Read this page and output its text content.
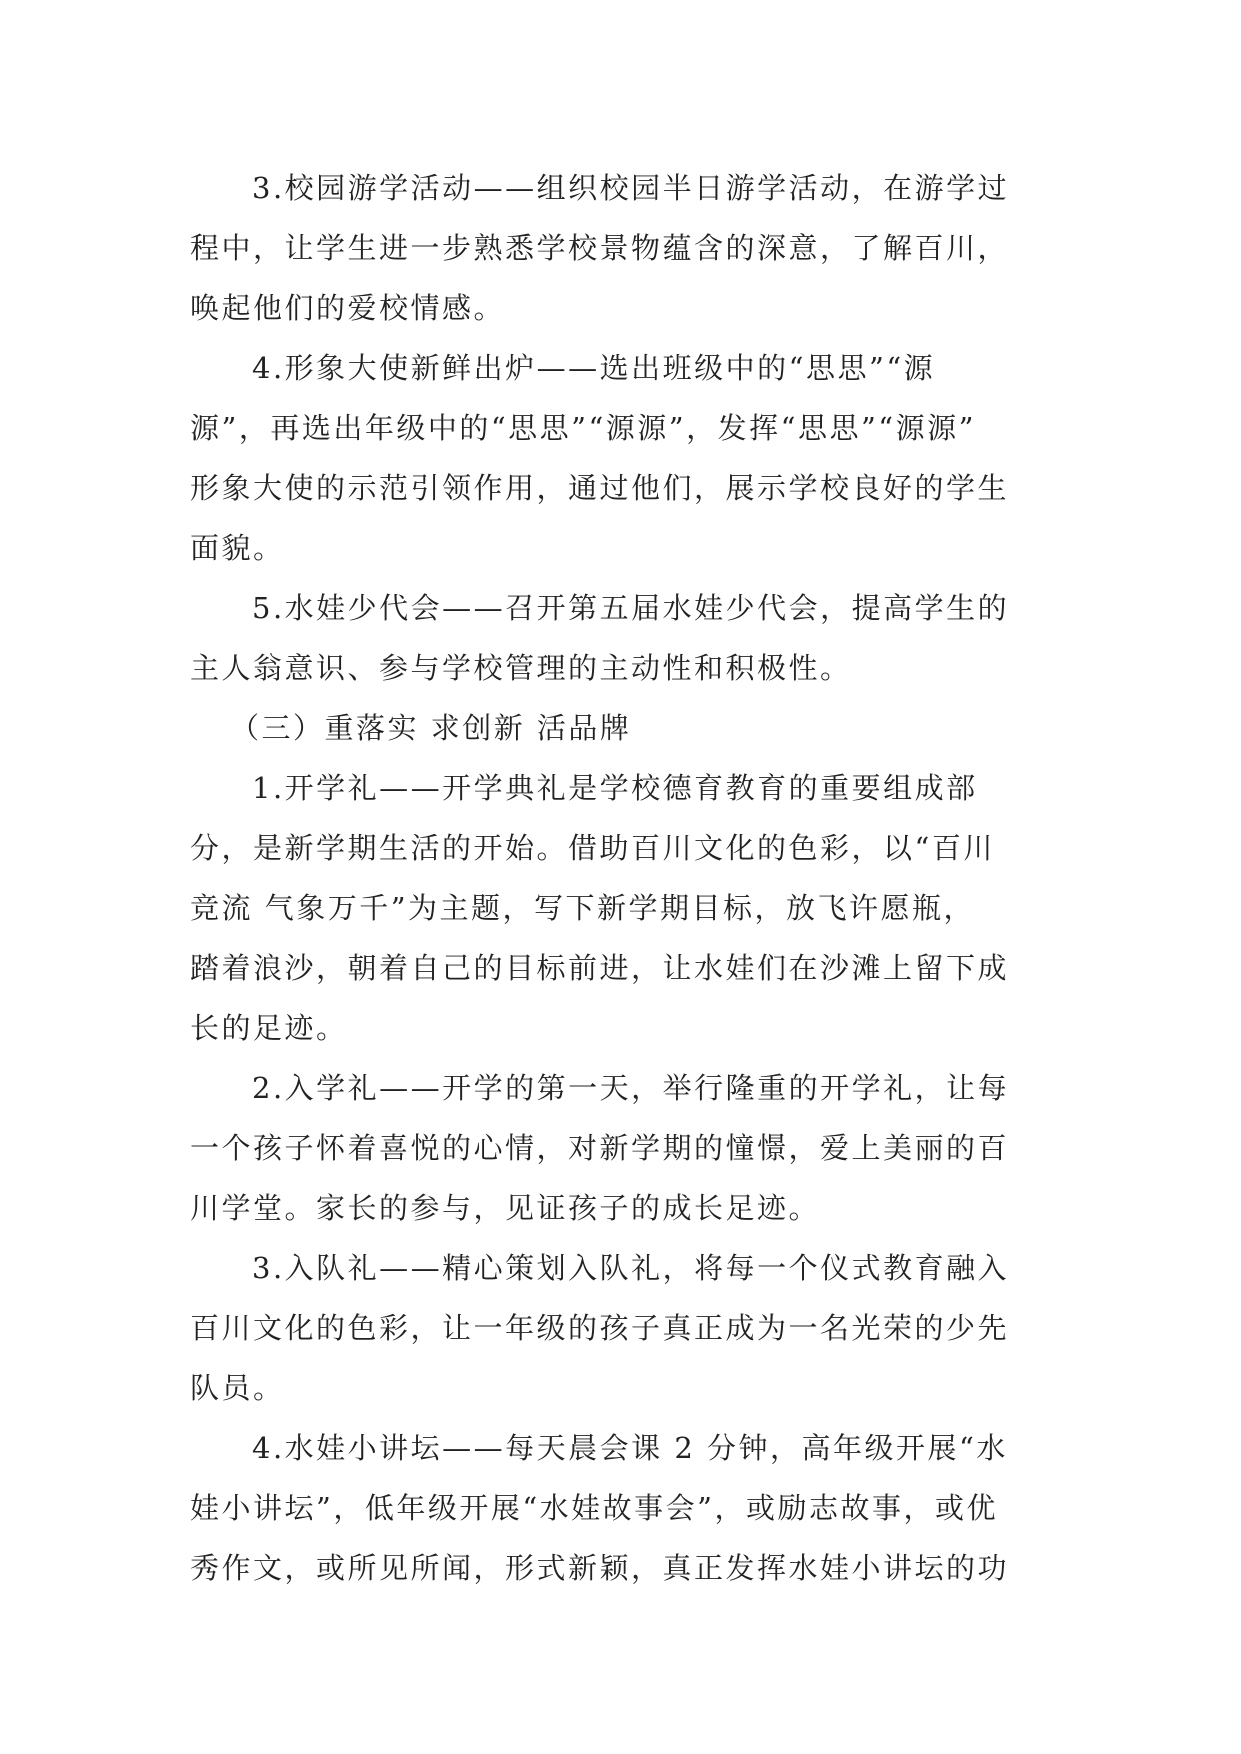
3.校园游学活动——组织校园半日游学活动，在游学过
程中，让学生进一步熟悉学校景物蕴含的深意，了解百川，
唤起他们的爱校情感。
4.形象大使新鲜出炉——选出班级中的“思思”“源
源”，再选出年级中的“思思”“源源”，发挥“思思”“源源”
形象大使的示范引领作用，通过他们，展示学校良好的学生
面貌。
5.水娃少代会——召开第五届水娃少代会，提高学生的
主人翁意识、参与学校管理的主动性和积极性。
（三）重落实 求创新 活品牌
1.开学礼——开学典礼是学校德育教育的重要组成部
分，是新学期生活的开始。借助百川文化的色彩，以“百川
竞流 气象万千”为主题，写下新学期目标，放飞许愿瓶，
踏着浪沙，朝着自己的目标前进，让水娃们在沙滩上留下成
长的足迹。
2.入学礼——开学的第一天，举行隆重的开学礼，让每
一个孩子怀着喜悦的心情，对新学期的憧憬，爱上美丽的百
川学堂。家长的参与，见证孩子的成长足迹。
3.入队礼——精心策划入队礼，将每一个仪式教育融入
百川文化的色彩，让一年级的孩子真正成为一名光荣的少先
队员。
4.水娃小讲坛——每天晨会课 2 分钟，高年级开展“水
娃小讲坛”，低年级开展“水娃故事会”，或励志故事，或优
秀作文，或所见所闻，形式新颖，真正发挥水娃小讲坛的功
